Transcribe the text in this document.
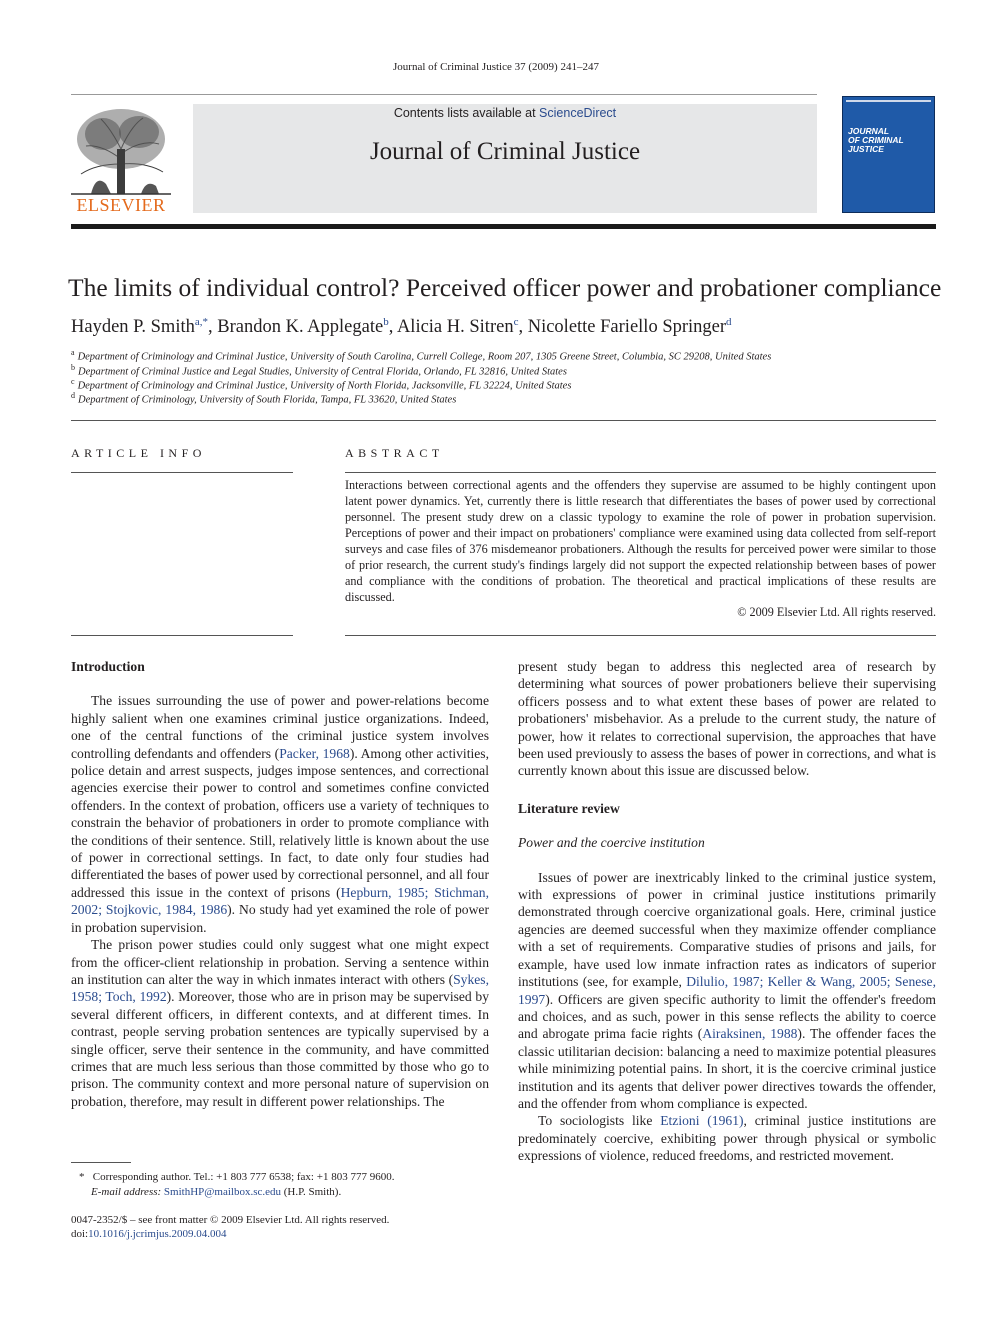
Journal of Criminal Justice 37 (2009) 241–247
ELSEVIER
Contents lists available at ScienceDirect
Journal of Criminal Justice
JOURNAL
OF CRIMINAL
JUSTICE
The limits of individual control? Perceived officer power and probationer compliance
Hayden P. Smith$^{a,*}$, Brandon K. Applegate$^b$, Alicia H. Sitren$^c$, Nicolette Fariello Springer$^d$
$^a$ Department of Criminology and Criminal Justice, University of South Carolina, Currell College, Room 207, 1305 Greene Street, Columbia, SC 29208, United States
$^b$ Department of Criminal Justice and Legal Studies, University of Central Florida, Orlando, FL 32816, United States
$^c$ Department of Criminology and Criminal Justice, University of North Florida, Jacksonville, FL 32224, United States
$^d$ Department of Criminology, University of South Florida, Tampa, FL 33620, United States
ARTICLE INFO	ABSTRACT
Interactions between correctional agents and the offenders they supervise are assumed to be highly contingent upon latent power dynamics. Yet, currently there is little research that differentiates the bases of power used by correctional personnel. The present study drew on a classic typology to examine the role of power in probation supervision. Perceptions of power and their impact on probationers' compliance were examined using data collected from self-report surveys and case files of 376 misdemeanor probationers. Although the results for perceived power were similar to those of prior research, the current study's findings largely did not support the expected relationship between bases of power and compliance with the conditions of probation. The theoretical and practical implications of these results are discussed.
© 2009 Elsevier Ltd. All rights reserved.
Introduction

The issues surrounding the use of power and power-relations become highly salient when one examines criminal justice organizations. Indeed, one of the central functions of the criminal justice system involves controlling defendants and offenders (Packer, 1968). Among other activities, police detain and arrest suspects, judges impose sentences, and correctional agencies exercise their power to control and sometimes confine convicted offenders. In the context of probation, officers use a variety of techniques to constrain the behavior of probationers in order to promote compliance with the conditions of their sentence. Still, relatively little is known about the use of power in correctional settings. In fact, to date only four studies had differentiated the bases of power used by correctional personnel, and all four addressed this issue in the context of prisons (Hepburn, 1985; Stichman, 2002; Stojkovic, 1984, 1986). No study had yet examined the role of power in probation supervision.

The prison power studies could only suggest what one might expect from the officer-client relationship in probation. Serving a sentence within an institution can alter the way in which inmates interact with others (Sykes, 1958; Toch, 1992). Moreover, those who are in prison may be supervised by several different officers, in different contexts, and at different times. In contrast, people serving probation sentences are typically supervised by a single officer, serve their sentence in the community, and have committed crimes that are much less serious than those committed by those who go to prison. The community context and more personal nature of supervision on probation, therefore, may result in different power relationships. The

present study began to address this neglected area of research by determining what sources of power probationers believe their supervising officers possess and to what extent these bases of power are related to probationers' misbehavior. As a prelude to the current study, the nature of power, how it relates to correctional supervision, the approaches that have been used previously to assess the bases of power in corrections, and what is currently known about this issue are discussed below.

Literature review
Power and the coercive institution

Issues of power are inextricably linked to the criminal justice system, with expressions of power in criminal justice institutions primarily demonstrated through coercive organizational goals. Here, criminal justice agencies are deemed successful when they maximize offender compliance with a set of requirements. Comparative studies of prisons and jails, for example, have used low inmate infraction rates as indicators of superior institutions (see, for example, Dilulio, 1987; Keller & Wang, 2005; Senese, 1997). Officers are given specific authority to limit the offender's freedom and choices, and as such, power in this sense reflects the ability to coerce and abrogate prima facie rights (Airaksinen, 1988). The offender faces the classic utilitarian decision: balancing a need to maximize potential pleasures while minimizing potential pains. In short, it is the coercive criminal justice institution and its agents that deliver power directives towards the offender, and the offender from whom compliance is expected.

To sociologists like Etzioni (1961), criminal justice institutions are predominately coercive, exhibiting power through physical or symbolic expressions of violence, reduced freedoms, and restricted movement.

* Corresponding author. Tel.: +1 803 777 6538; fax: +1 803 777 9600.
E-mail address: SmithHP@mailbox.sc.edu (H.P. Smith).
0047-2352/$ – see front matter © 2009 Elsevier Ltd. All rights reserved.
doi:10.1016/j.jcrimjus.2009.04.004
